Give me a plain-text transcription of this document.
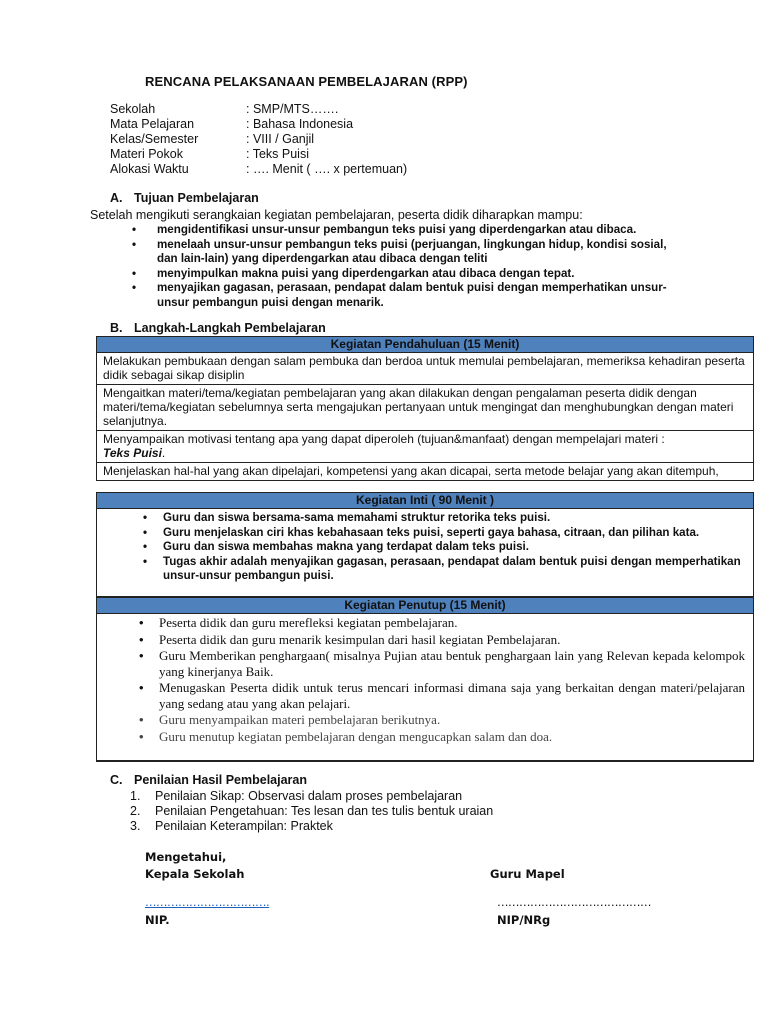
RENCANA PELAKSANAAN PEMBELAJARAN (RPP)
Sekolah	: SMP/MTS…….
Mata Pelajaran	: Bahasa Indonesia
Kelas/Semester	: VIII / Ganjil
Materi Pokok	: Teks Puisi
Alokasi Waktu	: …. Menit ( …. x pertemuan)
A. Tujuan Pembelajaran
Setelah mengikuti serangkaian kegiatan pembelajaran, peserta didik diharapkan mampu:
• mengidentifikasi unsur-unsur pembangun teks puisi yang diperdengarkan atau dibaca.
• menelaah unsur-unsur pembangun teks puisi (perjuangan, lingkungan hidup, kondisi sosial, dan lain-lain) yang diperdengarkan atau dibaca dengan teliti
• menyimpulkan makna puisi yang diperdengarkan atau dibaca dengan tepat.
• menyajikan gagasan, perasaan, pendapat dalam bentuk puisi dengan memperhatikan unsur-unsur pembangun puisi dengan menarik.
B. Langkah-Langkah Pembelajaran
Kegiatan Pendahuluan (15 Menit)
Melakukan pembukaan dengan salam pembuka dan berdoa untuk memulai pembelajaran, memeriksa kehadiran peserta didik sebagai sikap disiplin
Mengaitkan materi/tema/kegiatan pembelajaran yang akan dilakukan dengan pengalaman peserta didik dengan materi/tema/kegiatan sebelumnya serta mengajukan pertanyaan untuk mengingat dan menghubungkan dengan materi selanjutnya.
Menyampaikan motivasi tentang apa yang dapat diperoleh (tujuan&manfaat) dengan mempelajari materi :
Teks Puisi.
Menjelaskan hal-hal yang akan dipelajari, kompetensi yang akan dicapai, serta metode belajar yang akan ditempuh,
Kegiatan Inti ( 90 Menit )
• Guru dan siswa bersama-sama memahami struktur retorika teks puisi.
• Guru menjelaskan ciri khas kebahasaan teks puisi, seperti gaya bahasa, citraan, dan pilihan kata.
• Guru dan siswa membahas makna yang terdapat dalam teks puisi.
• Tugas akhir adalah menyajikan gagasan, perasaan, pendapat dalam bentuk puisi dengan memperhatikan unsur-unsur pembangun puisi.
Kegiatan Penutup (15 Menit)
• Peserta didik dan guru merefleksi kegiatan pembelajaran.
• Peserta didik dan guru menarik kesimpulan dari hasil kegiatan Pembelajaran.
• Guru Memberikan penghargaan( misalnya Pujian atau bentuk penghargaan lain yang Relevan kepada kelompok yang kinerjanya Baik.
• Menugaskan Peserta didik untuk terus mencari informasi dimana saja yang berkaitan dengan materi/pelajaran yang sedang atau yang akan pelajari.
• Guru menyampaikan materi pembelajaran berikutnya.
• Guru menutup kegiatan pembelajaran dengan mengucapkan salam dan doa.
C. Penilaian Hasil Pembelajaran
1.	Penilaian Sikap: Observasi dalam proses pembelajaran
2.	Penilaian Pengetahuan: Tes lesan dan tes tulis bentuk uraian
3.	Penilaian Keterampilan: Praktek
Mengetahui,
Kepala Sekolah	Guru Mapel
…………………………….	……………………………………
NIP.	NIP/NRg
